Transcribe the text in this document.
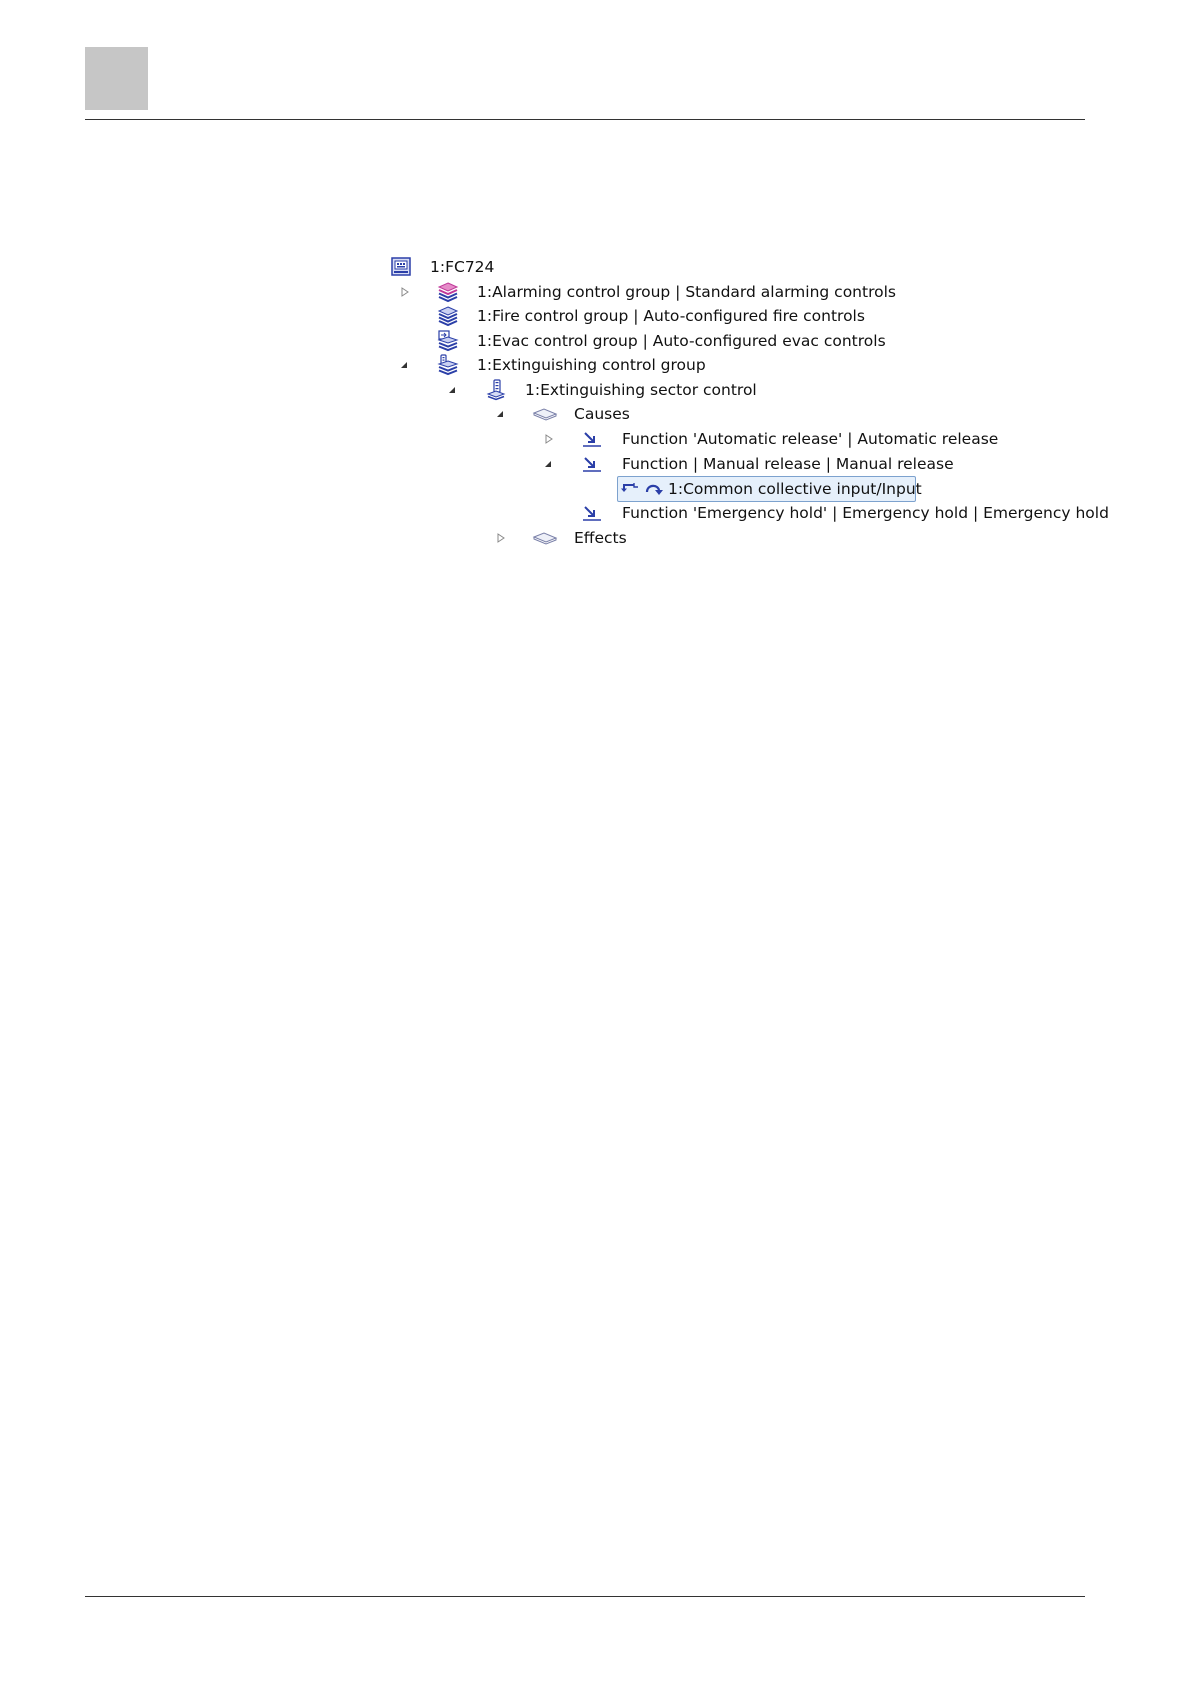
1:FC724
1:Alarming control group | Standard alarming controls
1:Fire control group | Auto-configured fire controls
1:Evac control group | Auto-configured evac controls
1:Extinguishing control group
1:Extinguishing sector control
Causes
Function 'Automatic release' | Automatic release
Function | Manual release | Manual release
1:Common collective input/Input
Function 'Emergency hold' | Emergency hold | Emergency hold
Effects
